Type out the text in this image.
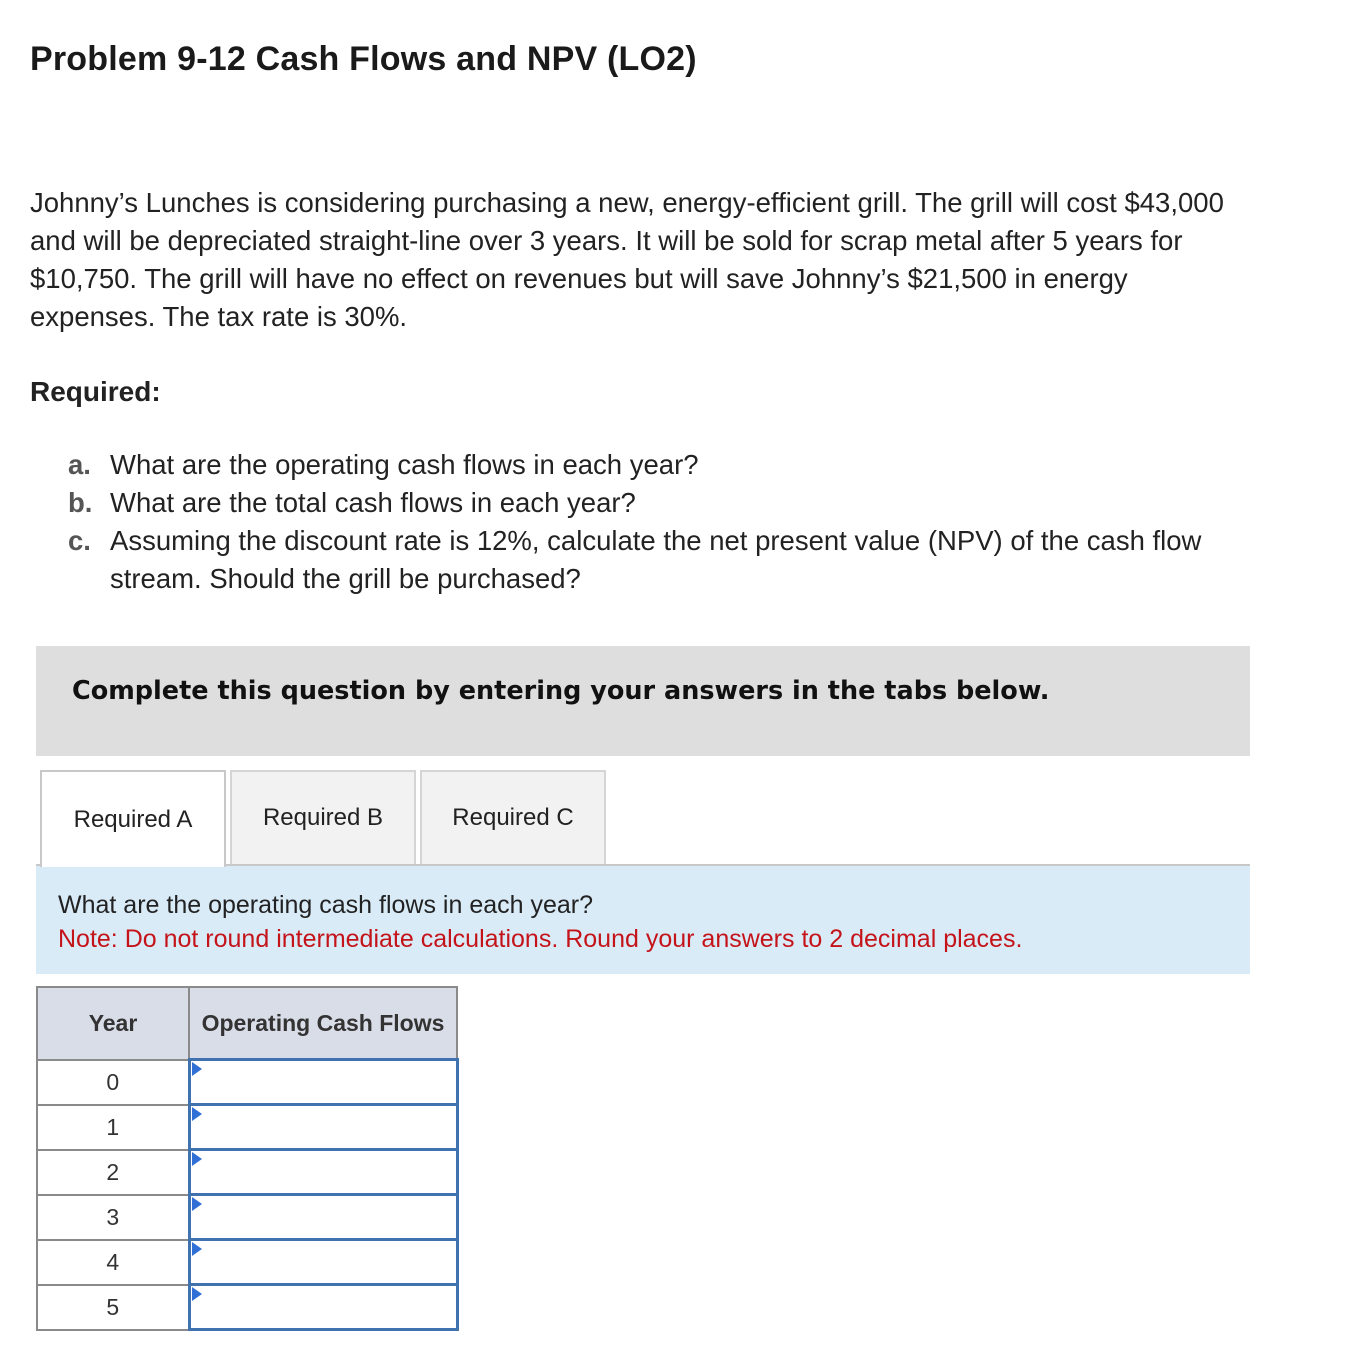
Problem 9-12 Cash Flows and NPV (LO2)

Johnny’s Lunches is considering purchasing a new, energy-efficient grill. The grill will cost $43,000 and will be depreciated straight-line over 3 years. It will be sold for scrap metal after 5 years for $10,750. The grill will have no effect on revenues but will save Johnny’s $21,500 in energy expenses. The tax rate is 30%.

Required:
a. What are the operating cash flows in each year?
b. What are the total cash flows in each year?
c. Assuming the discount rate is 12%, calculate the net present value (NPV) of the cash flow stream. Should the grill be purchased?
Complete this question by entering your answers in the tabs below.
Required A	Required B	Required C
What are the operating cash flows in each year?
Note: Do not round intermediate calculations. Round your answers to 2 decimal places.
Year	Operating Cash Flows
0	

1	

2	

3	

4	

5	
